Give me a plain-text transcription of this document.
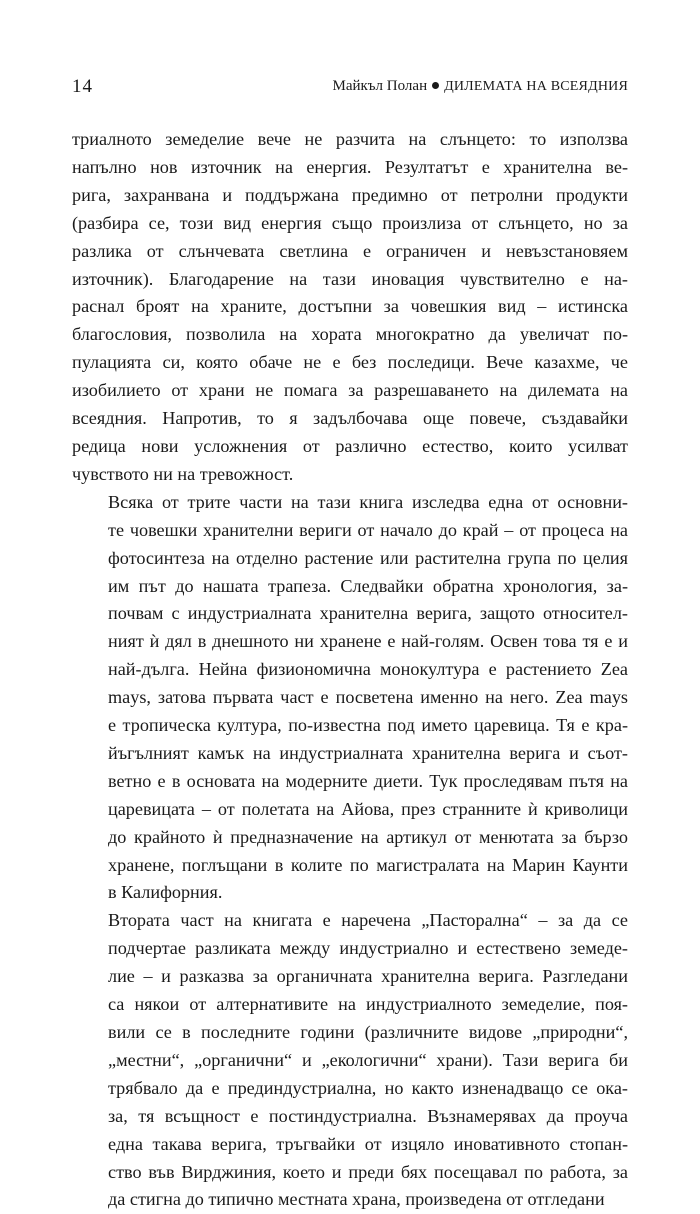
14	Майкъл Полан ДИЛЕМАТА НА ВСЕЯДНИЯ

триалното земеделие вече не разчита на слънцето: то използва
напълно нов източник на енергия. Резултатът е хранителна ве-
рига, захранвана и поддържана предимно от петролни продукти
(разбира се, този вид енергия също произлиза от слънцето, но за
разлика от слънчевата светлина е ограничен и невъзстановяем
източник). Благодарение на тази иновация чувствително е на-
раснал броят на храните, достъпни за човешкия вид – истинска
благословия, позволила на хората многократно да увеличат по-
пулацията си, която обаче не е без последици. Вече казахме, че
изобилието от храни не помага за разрешаването на дилемата на
всеядния. Напротив, то я задълбочава още повече, създавайки
редица нови усложнения от различно естество, които усилват
чувството ни на тревожност.

Всяка от трите части на тази книга изследва една от основни-
те човешки хранителни вериги от начало до край – от процеса на
фотосинтеза на отделно растение или растителна група по целия
им път до нашата трапеза. Следвайки обратна хронология, за-
почвам с индустриалната хранителна верига, защото относител-
ният ѝ дял в днешното ни хранене е най-голям. Освен това тя е и
най-дълга. Нейна физиономична монокултура е растението Zea
mays, затова първата част е посветена именно на него. Zea mays
е тропическа култура, по-известна под името царевица. Тя е кра-
йъгълният камък на индустриалната хранителна верига и съот-
ветно е в основата на модерните диети. Тук проследявам пътя на
царевицата – от полетата на Айова, през странните ѝ криволици
до крайното ѝ предназначение на артикул от менютата за бързо
хранене, поглъщани в колите по магистралата на Марин Каунти
в Калифорния.

Втората част на книгата е наречена „Пасторална“ – за да се
подчертае разликата между индустриално и естествено земеде-
лие – и разказва за органичната хранителна верига. Разгледани
са някои от алтернативите на индустриалното земеделие, поя-
вили се в последните години (различните видове „природни“,
„местни“, „органични“ и „екологични“ храни). Тази верига би
трябвало да е прединдустриална, но както изненадващо се ока-
за, тя всъщност е постиндустриална. Възнамерявах да проуча
една такава верига, тръгвайки от изцяло иновативното стопан-
ство във Вирджиния, което и преди бях посещавал по работа, за
да стигна до типично местната храна, произведена от отгледани
